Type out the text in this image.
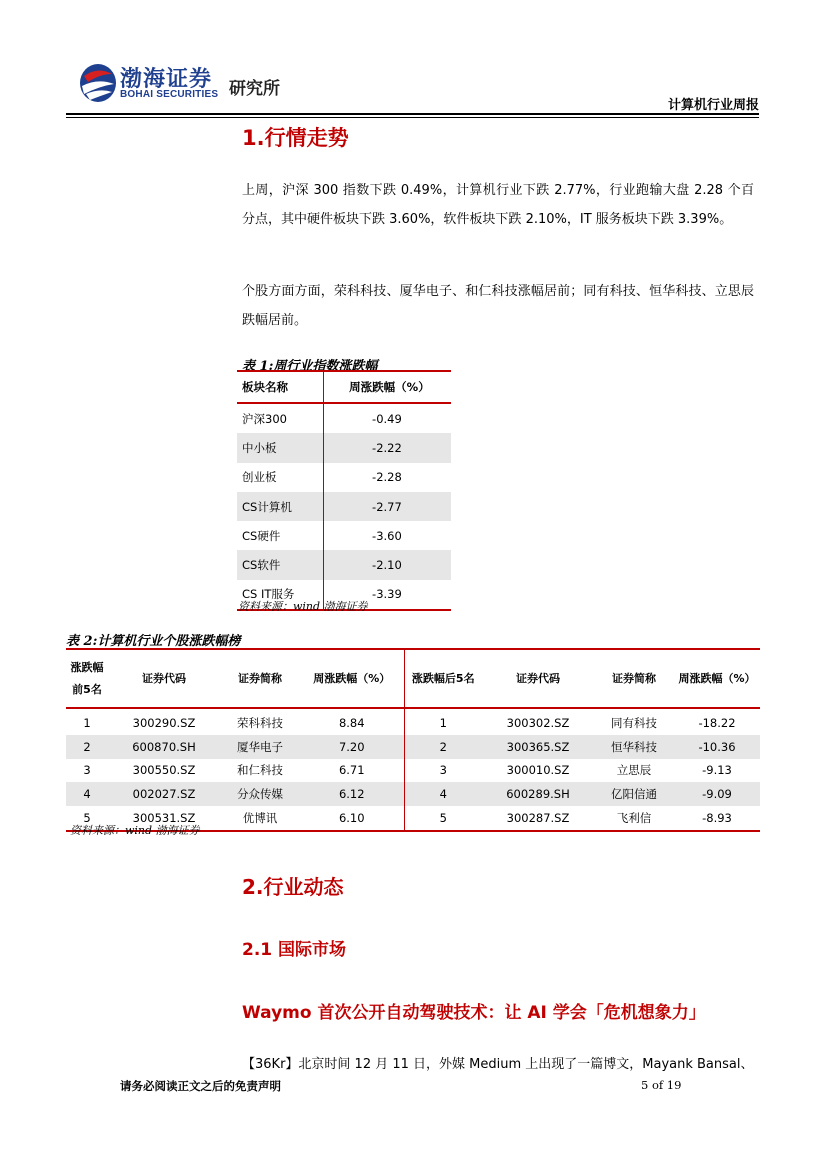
渤海证券
BOHAI SECURITIES 研究所
计算机行业周报
1.行情走势
上周，沪深 300 指数下跌 0.49%，计算机行业下跌 2.77%，行业跑输大盘 2.28 个百分点，其中硬件板块下跌 3.60%，软件板块下跌 2.10%，IT 服务板块下跌 3.39%。
个股方面方面，荣科科技、厦华电子、和仁科技涨幅居前；同有科技、恒华科技、立思辰跌幅居前。
表 1:周行业指数涨跌幅
板块名称	周涨跌幅（%）
沪深300	-0.49
中小板	-2.22
创业板	-2.28
CS计算机	-2.77
CS硬件	-3.60
CS软件	-2.10
CS IT服务	-3.39
资料来源：wind 渤海证券
表 2:计算机行业个股涨跌幅榜
涨跌幅前5名	证券代码	证券简称	周涨跌幅（%）	涨跌幅后5名	证券代码	证券简称	周涨跌幅（%）
1	300290.SZ	荣科科技	8.84	1	300302.SZ	同有科技	-18.22
2	600870.SH	厦华电子	7.20	2	300365.SZ	恒华科技	-10.36
3	300550.SZ	和仁科技	6.71	3	300010.SZ	立思辰	-9.13
4	002027.SZ	分众传媒	6.12	4	600289.SH	亿阳信通	-9.09
5	300531.SZ	优博讯	6.10	5	300287.SZ	飞利信	-8.93
资料来源：wind 渤海证券
2.行业动态
2.1 国际市场
Waymo 首次公开自动驾驶技术：让 AI 学会「危机想象力」
【36Kr】北京时间 12 月 11 日，外媒 Medium 上出现了一篇博文，Mayank Bansal、
请务必阅读正文之后的免责声明	5 of 19
